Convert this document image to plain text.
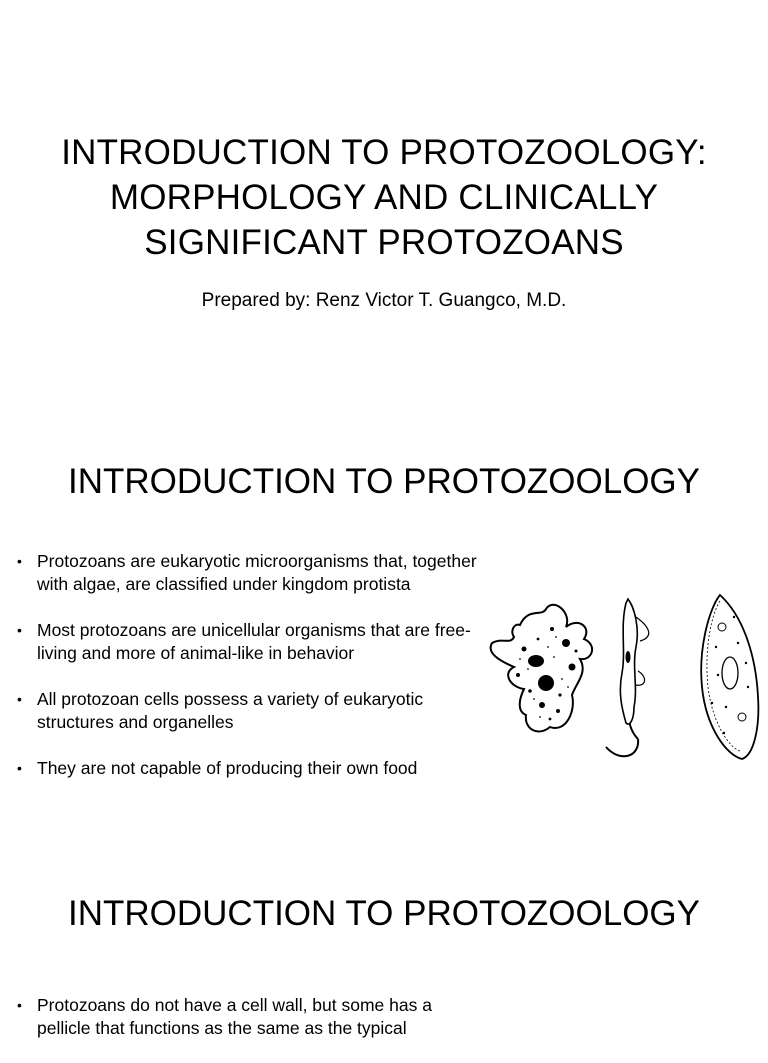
INTRODUCTION TO PROTOZOOLOGY:
MORPHOLOGY AND CLINICALLY
SIGNIFICANT PROTOZOANS
Prepared by: Renz Victor T. Guangco, M.D.
INTRODUCTION TO PROTOZOOLOGY
• Protozoans are eukaryotic microorganisms that, together with algae, are classified under kingdom protista
• Most protozoans are unicellular organisms that are free-living and more of animal-like in behavior
• All protozoan cells possess a variety of eukaryotic structures and organelles
• They are not capable of producing their own food
INTRODUCTION TO PROTOZOOLOGY
• Protozoans do not have a cell wall, but some has a pellicle that functions as the same as the typical
